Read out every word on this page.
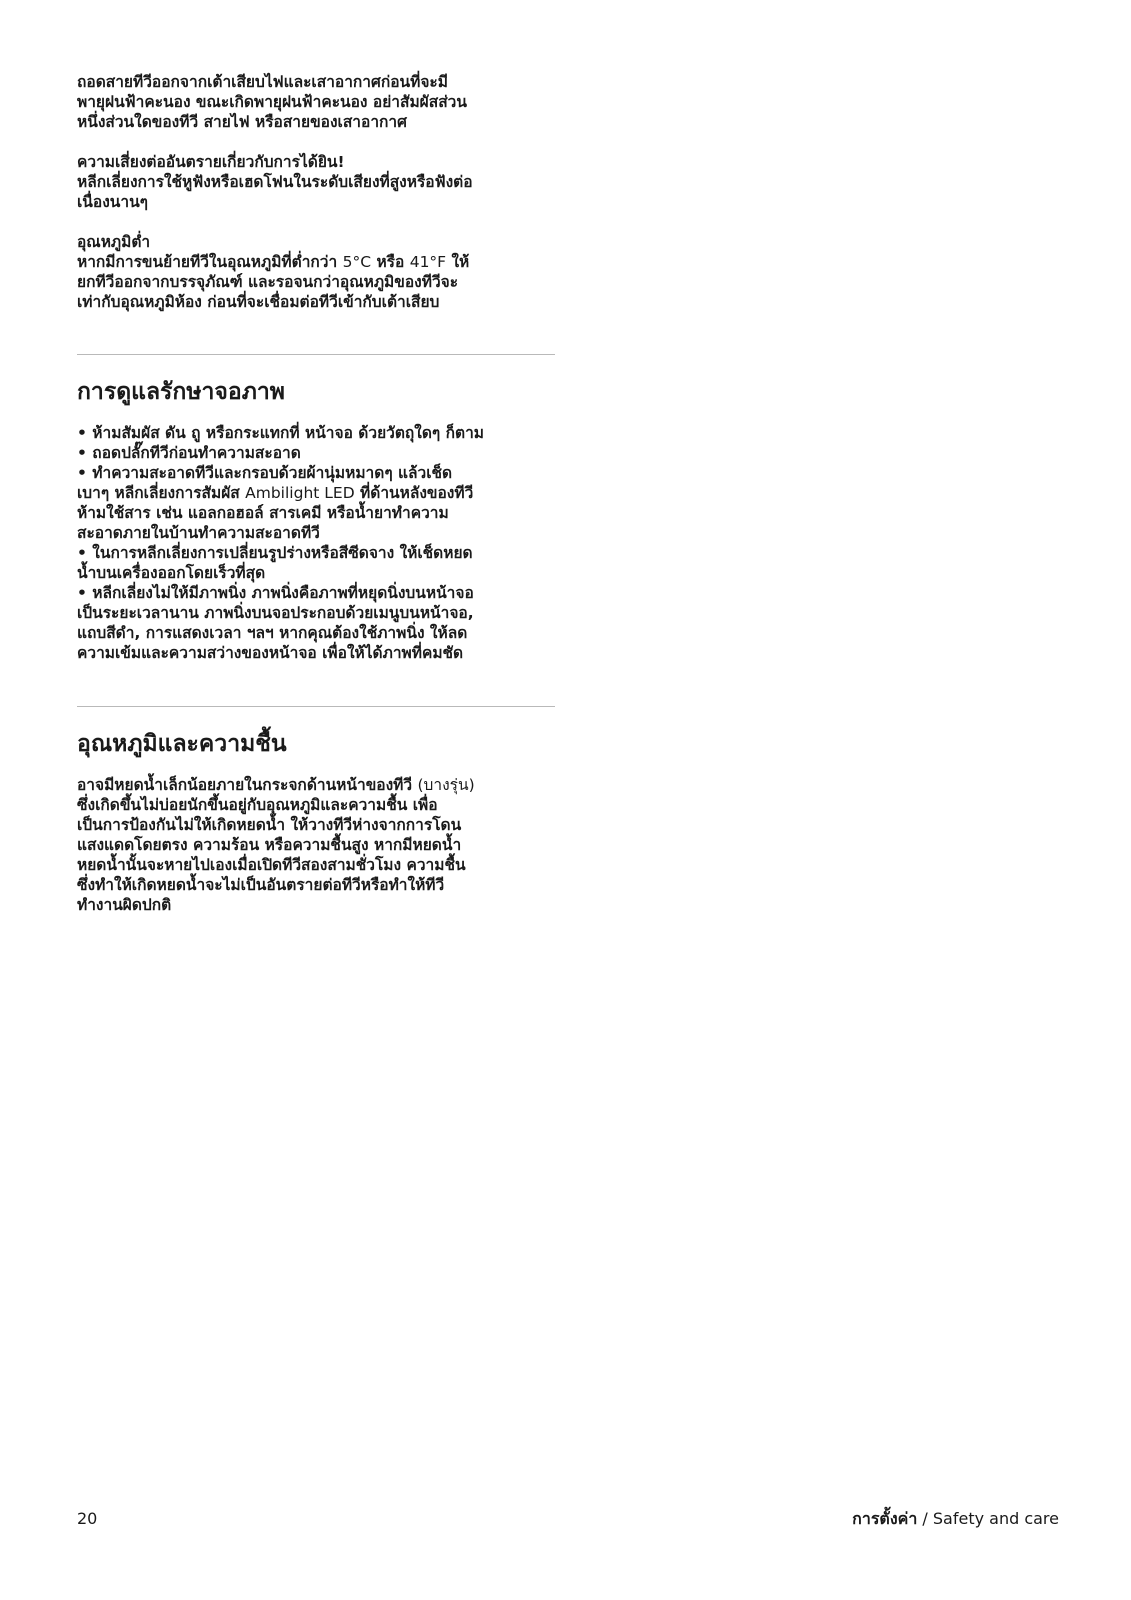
ถอดสายทีวีออกจากเต้าเสียบไฟและเสาอากาศก่อนที่จะมี
พายุฝนฟ้าคะนอง ขณะเกิดพายุฝนฟ้าคะนอง อย่าสัมผัสส่วน
หนึ่งส่วนใดของทีวี สายไฟ หรือสายของเสาอากาศ

ความเสี่ยงต่ออันตรายเกี่ยวกับการได้ยิน!
หลีกเลี่ยงการใช้หูฟังหรือเฮดโฟนในระดับเสียงที่สูงหรือฟังต่อ
เนื่องนานๆ

อุณหภูมิต่ำ
หากมีการขนย้ายทีวีในอุณหภูมิที่ต่ำกว่า 5°C หรือ 41°F ให้
ยกทีวีออกจากบรรจุภัณฑ์ และรอจนกว่าอุณหภูมิของทีวีจะ
เท่ากับอุณหภูมิห้อง ก่อนที่จะเชื่อมต่อทีวีเข้ากับเต้าเสียบ

การดูแลรักษาจอภาพ

• ห้ามสัมผัส ดัน ถู หรือกระแทกที่ หน้าจอ ด้วยวัตถุใดๆ ก็ตาม
• ถอดปลั๊กทีวีก่อนทำความสะอาด
• ทำความสะอาดทีวีและกรอบด้วยผ้านุ่มหมาดๆ แล้วเช็ด
เบาๆ หลีกเลี่ยงการสัมผัส Ambilight LED ที่ด้านหลังของทีวี
ห้ามใช้สาร เช่น แอลกอฮอล์ สารเคมี หรือน้ำยาทำความ
สะอาดภายในบ้านทำความสะอาดทีวี
• ในการหลีกเลี่ยงการเปลี่ยนรูปร่างหรือสีซีดจาง ให้เช็ดหยด
น้ำบนเครื่องออกโดยเร็วที่สุด
• หลีกเลี่ยงไม่ให้มีภาพนิ่ง ภาพนิ่งคือภาพที่หยุดนิ่งบนหน้าจอ
เป็นระยะเวลานาน ภาพนิ่งบนจอประกอบด้วยเมนูบนหน้าจอ,
แถบสีดำ, การแสดงเวลา ฯลฯ หากคุณต้องใช้ภาพนิ่ง ให้ลด
ความเข้มและความสว่างของหน้าจอ เพื่อให้ได้ภาพที่คมชัด

อุณหภูมิและความชื้น

อาจมีหยดน้ำเล็กน้อยภายในกระจกด้านหน้าของทีวี (บางรุ่น)
ซึ่งเกิดขึ้นไม่บ่อยนักขึ้นอยู่กับอุณหภูมิและความชื้น เพื่อ
เป็นการป้องกันไม่ให้เกิดหยดน้ำ ให้วางทีวีห่างจากการโดน
แสงแดดโดยตรง ความร้อน หรือความชื้นสูง หากมีหยดน้ำ
หยดน้ำนั้นจะหายไปเองเมื่อเปิดทีวีสองสามชั่วโมง ความชื้น
ซึ่งทำให้เกิดหยดน้ำจะไม่เป็นอันตรายต่อทีวีหรือทำให้ทีวี
ทำงานผิดปกติ

20	การตั้งค่า / Safety and care
